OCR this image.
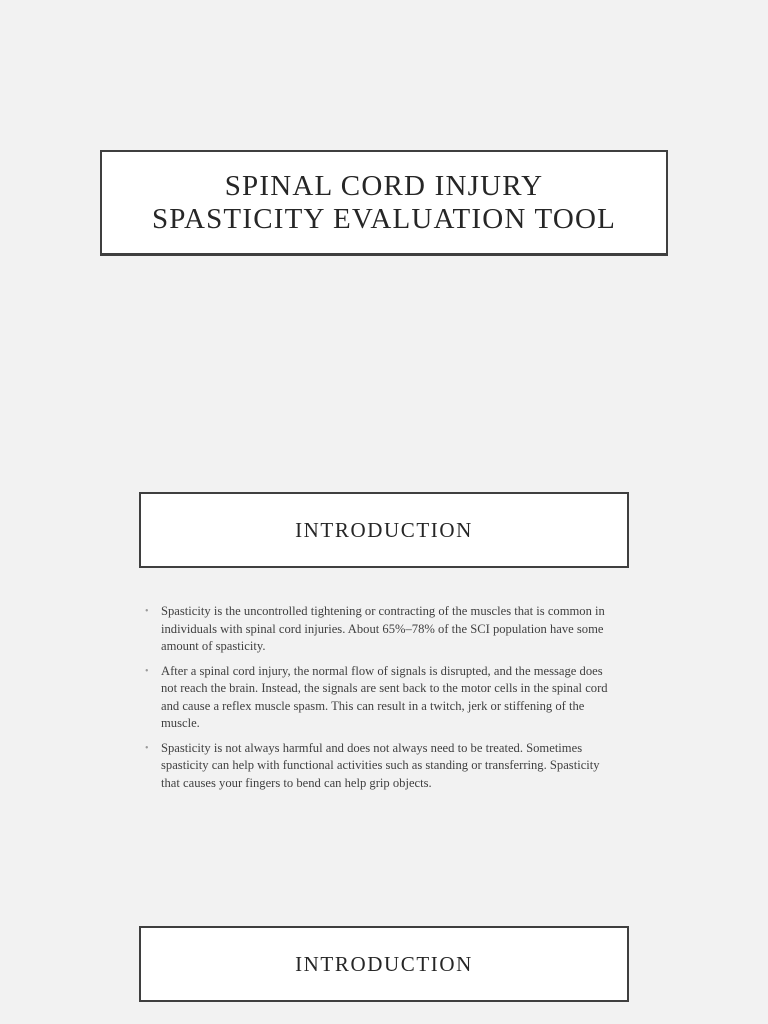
SPINAL CORD INJURY
SPASTICITY EVALUATION TOOL
INTRODUCTION
• Spasticity is the uncontrolled tightening or contracting of the muscles that is common in individuals with spinal cord injuries. About 65%–78% of the SCI population have some amount of spasticity.
• After a spinal cord injury, the normal flow of signals is disrupted, and the message does not reach the brain. Instead, the signals are sent back to the motor cells in the spinal cord and cause a reflex muscle spasm. This can result in a twitch, jerk or stiffening of the muscle.
• Spasticity is not always harmful and does not always need to be treated. Sometimes spasticity can help with functional activities such as standing or transferring. Spasticity that causes your fingers to bend can help grip objects.
INTRODUCTION
